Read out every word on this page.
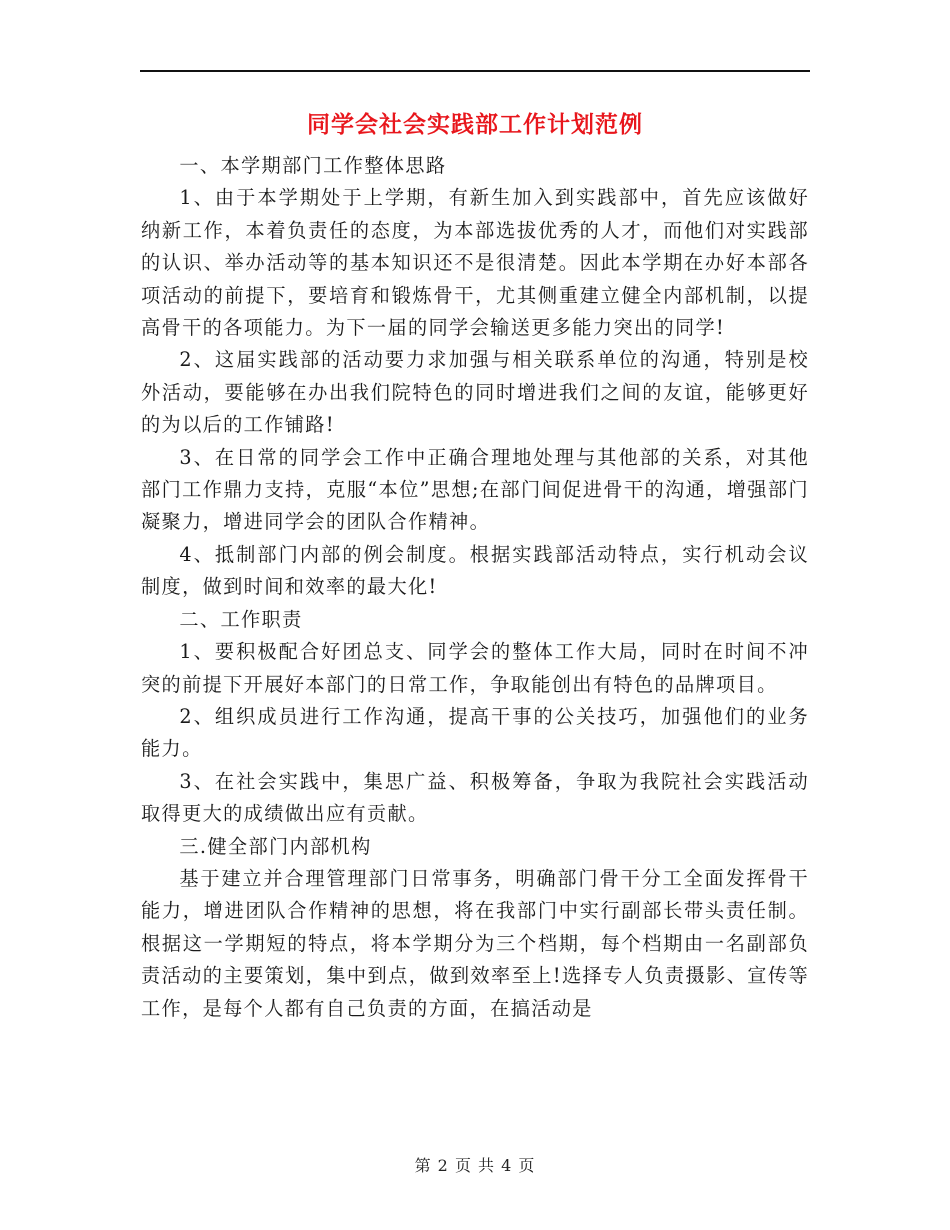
同学会社会实践部工作计划范例

一、本学期部门工作整体思路

1、由于本学期处于上学期，有新生加入到实践部中，首先应该做好纳新工作，本着负责任的态度，为本部选拔优秀的人才，而他们对实践部的认识、举办活动等的基本知识还不是很清楚。因此本学期在办好本部各项活动的前提下，要培育和锻炼骨干，尤其侧重建立健全内部机制，以提高骨干的各项能力。为下一届的同学会输送更多能力突出的同学!

2、这届实践部的活动要力求加强与相关联系单位的沟通，特别是校外活动，要能够在办出我们院特色的同时增进我们之间的友谊，能够更好的为以后的工作铺路!

3、在日常的同学会工作中正确合理地处理与其他部的关系，对其他部门工作鼎力支持，克服“本位”思想;在部门间促进骨干的沟通，增强部门凝聚力，增进同学会的团队合作精神。

4、抵制部门内部的例会制度。根据实践部活动特点，实行机动会议制度，做到时间和效率的最大化!

二、工作职责

1、要积极配合好团总支、同学会的整体工作大局，同时在时间不冲突的前提下开展好本部门的日常工作，争取能创出有特色的品牌项目。

2、组织成员进行工作沟通，提高干事的公关技巧，加强他们的业务能力。

3、在社会实践中，集思广益、积极筹备，争取为我院社会实践活动取得更大的成绩做出应有贡献。

三.健全部门内部机构

基于建立并合理管理部门日常事务，明确部门骨干分工全面发挥骨干能力，增进团队合作精神的思想，将在我部门中实行副部长带头责任制。根据这一学期短的特点，将本学期分为三个档期，每个档期由一名副部负责活动的主要策划，集中到点，做到效率至上!选择专人负责摄影、宣传等工作，是每个人都有自己负责的方面，在搞活动是

第 2 页 共 4 页
